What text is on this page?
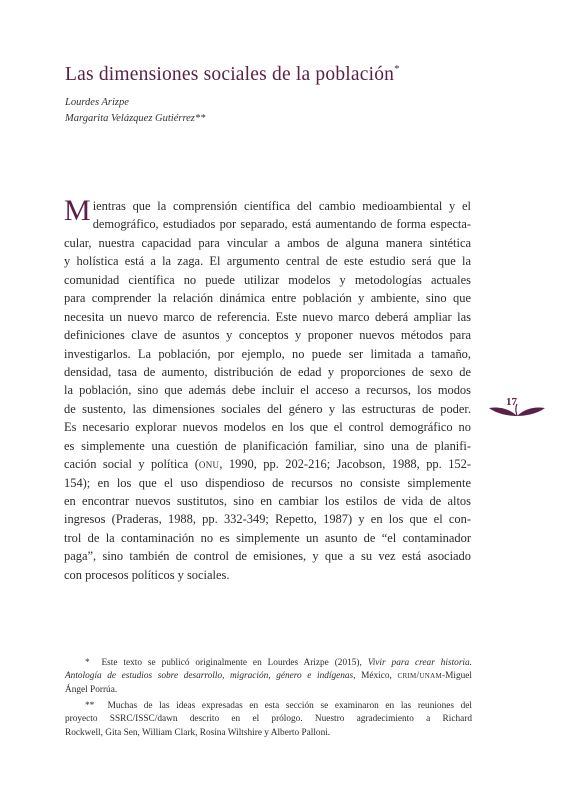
Las dimensiones sociales de la población*
Lourdes Arizpe
Margarita Velázquez Gutiérrez**
M ientras que la comprensión científica del cambio medioambiental y el
demográfico, estudiados por separado, está aumentando de forma especta-
cular, nuestra capacidad para vincular a ambos de alguna manera sintética
y holística está a la zaga. El argumento central de este estudio será que la
comunidad científica no puede utilizar modelos y metodologías actuales
para comprender la relación dinámica entre población y ambiente, sino que
necesita un nuevo marco de referencia. Este nuevo marco deberá ampliar las
definiciones clave de asuntos y conceptos y proponer nuevos métodos para
investigarlos. La población, por ejemplo, no puede ser limitada a tamaño,
densidad, tasa de aumento, distribución de edad y proporciones de sexo de
la población, sino que además debe incluir el acceso a recursos, los modos
de sustento, las dimensiones sociales del género y las estructuras de poder.
Es necesario explorar nuevos modelos en los que el control demográfico no
es simplemente una cuestión de planificación familiar, sino una de planifi-
cación social y política (onu, 1990, pp. 202-216; Jacobson, 1988, pp. 152-
154); en los que el uso dispendioso de recursos no consiste simplemente
en encontrar nuevos sustitutos, sino en cambiar los estilos de vida de altos
ingresos (Praderas, 1988, pp. 332-349; Repetto, 1987) y en los que el con-
trol de la contaminación no es simplemente un asunto de “el contaminador
paga”, sino también de control de emisiones, y que a su vez está asociado
con procesos políticos y sociales.
17
* Este texto se publicó originalmente en Lourdes Arizpe (2015), Vivir para crear historia.
Antología de estudios sobre desarrollo, migración, género e indígenas, México, crim/unam-Miguel
Ángel Porrúa.
** Muchas de las ideas expresadas en esta sección se examinaron en las reuniones del
proyecto SSRC/ISSC/dawn descrito en el prólogo. Nuestro agradecimiento a Richard
Rockwell, Gita Sen, William Clark, Rosina Wiltshire y Alberto Palloni.
